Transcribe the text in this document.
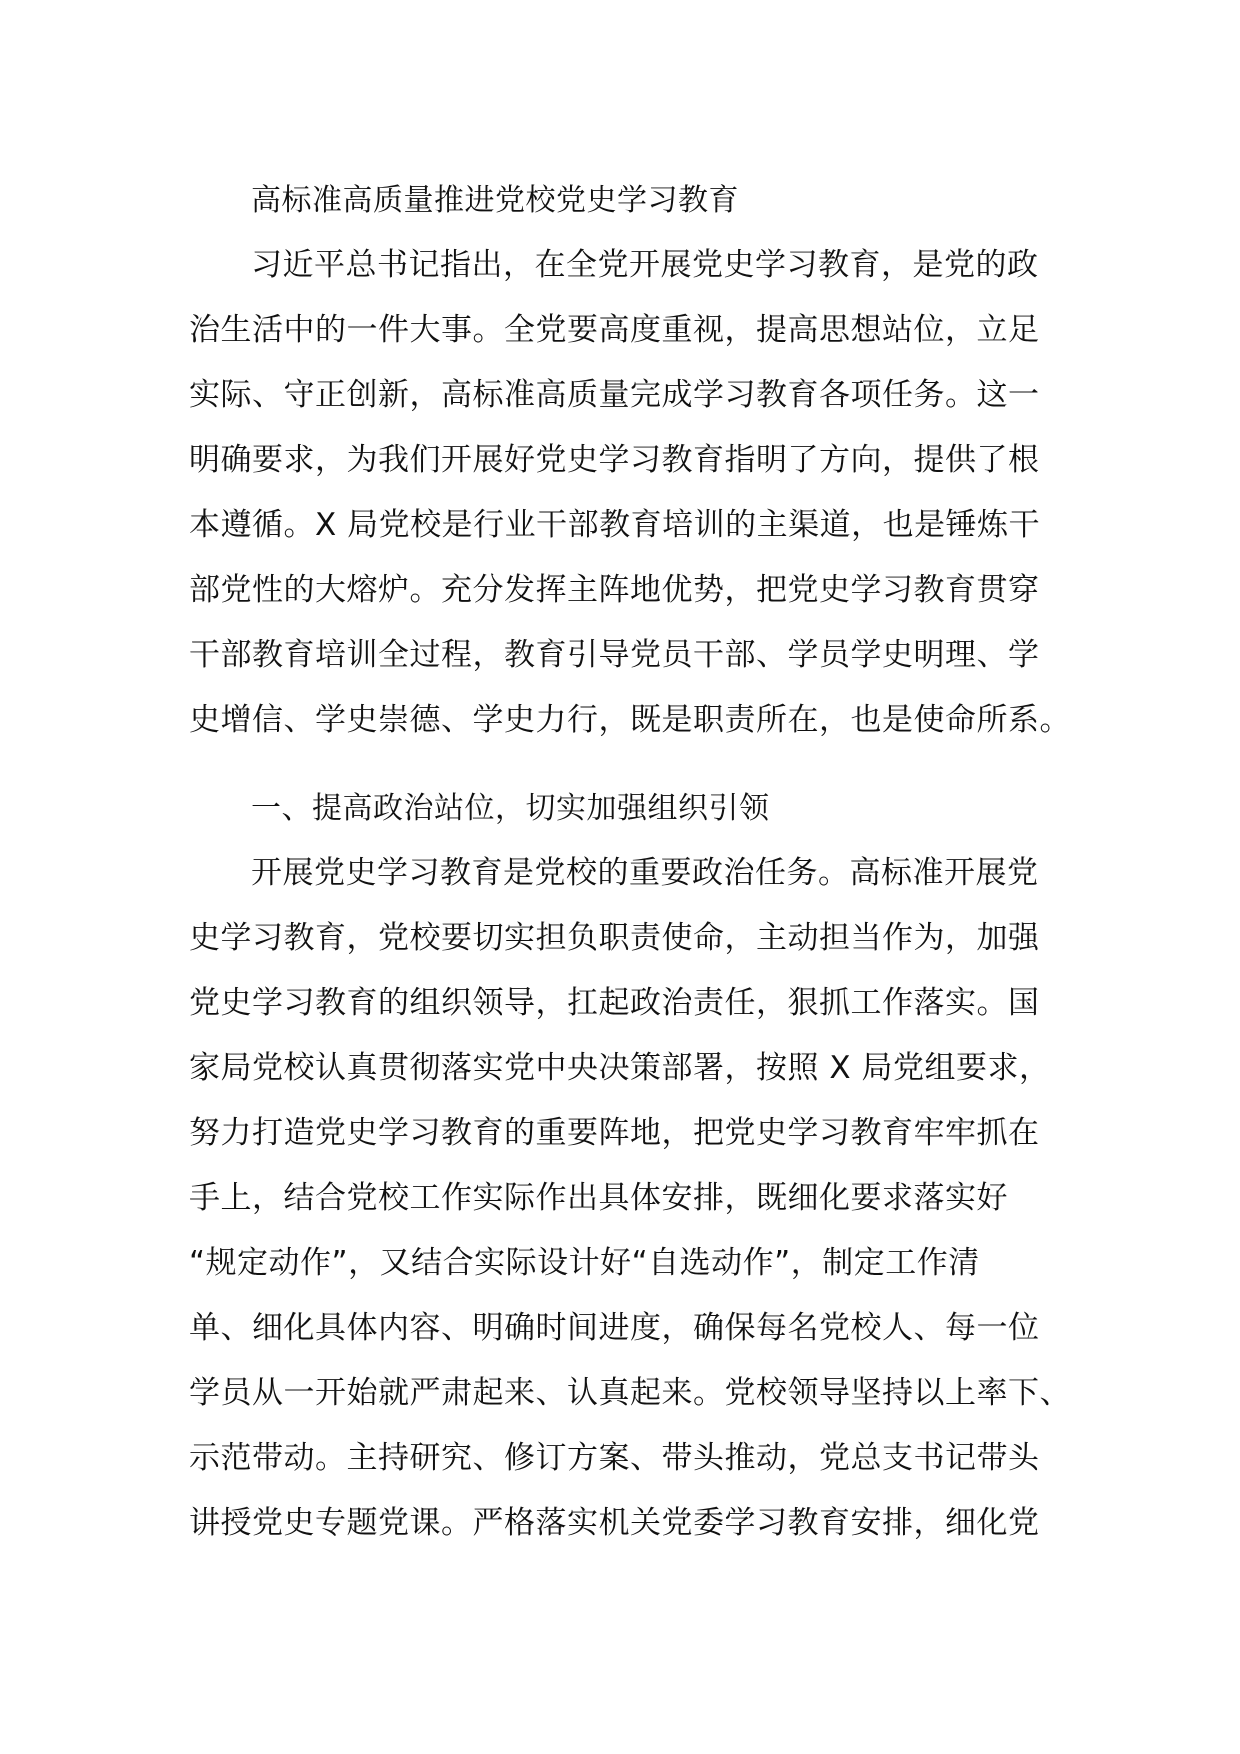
高标准高质量推进党校党史学习教育
习近平总书记指出，在全党开展党史学习教育，是党的政
治生活中的一件大事。全党要高度重视，提高思想站位，立足
实际、守正创新，高标准高质量完成学习教育各项任务。这一
明确要求，为我们开展好党史学习教育指明了方向，提供了根
本遵循。X 局党校是行业干部教育培训的主渠道，也是锤炼干
部党性的大熔炉。充分发挥主阵地优势，把党史学习教育贯穿
干部教育培训全过程，教育引导党员干部、学员学史明理、学
史增信、学史崇德、学史力行，既是职责所在，也是使命所系。
一、提高政治站位，切实加强组织引领
开展党史学习教育是党校的重要政治任务。高标准开展党
史学习教育，党校要切实担负职责使命，主动担当作为，加强
党史学习教育的组织领导，扛起政治责任，狠抓工作落实。国
家局党校认真贯彻落实党中央决策部署，按照 X 局党组要求，
努力打造党史学习教育的重要阵地，把党史学习教育牢牢抓在
手上，结合党校工作实际作出具体安排，既细化要求落实好
“规定动作”，又结合实际设计好“自选动作”，制定工作清
单、细化具体内容、明确时间进度，确保每名党校人、每一位
学员从一开始就严肃起来、认真起来。党校领导坚持以上率下、
示范带动。主持研究、修订方案、带头推动，党总支书记带头
讲授党史专题党课。严格落实机关党委学习教育安排，细化党
